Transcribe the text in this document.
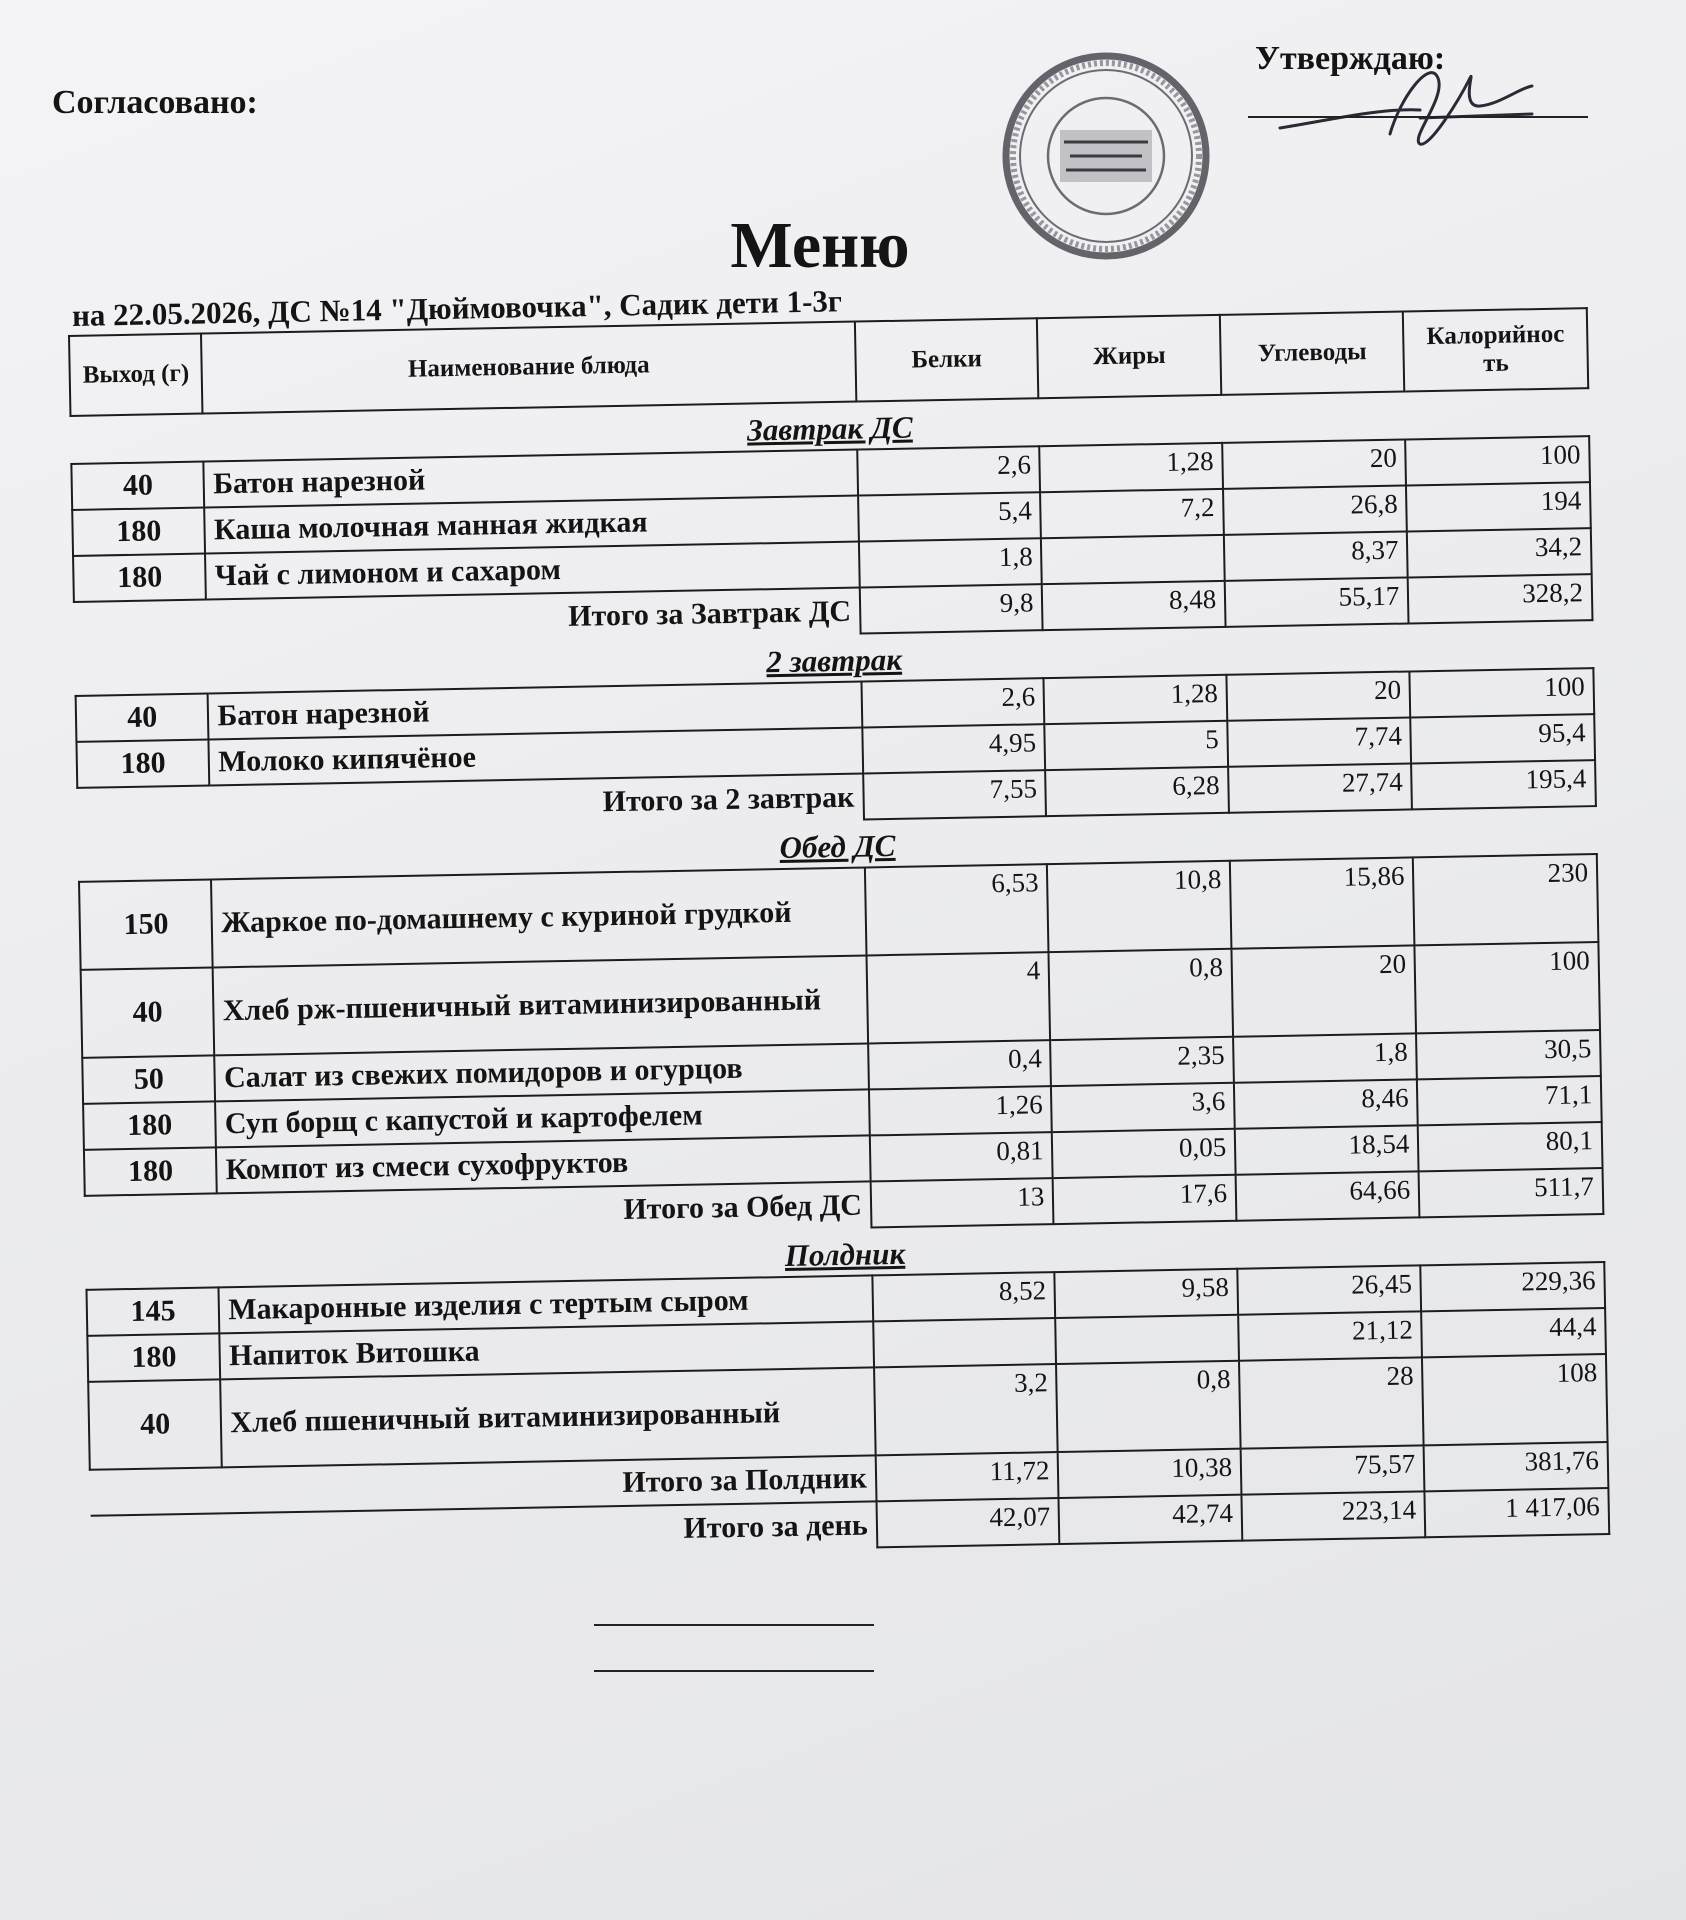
Согласовано:
Утверждаю:
Меню
на 22.05.2026, ДС №14 "Дюймовочка", Садик дети 1-3г
Выход (г)	Наименование блюда	Белки	Жиры	Углеводы	Калорийнос ть
Завтрак ДС					
40	Батон нарезной	2,6	1,28	20	100
180	Каша молочная манная жидкая	5,4	7,2	26,8	194
180	Чай с лимоном и сахаром	1,8		8,37	34,2
Итого за Завтрак ДС		9,8	8,48	55,17	328,2
2 завтрак					
40	Батон нарезной	2,6	1,28	20	100
180	Молоко кипячёное	4,95	5	7,74	95,4
Итого за 2 завтрак		7,55	6,28	27,74	195,4
Обед ДС					
150	Жаркое по-домашнему с куриной грудкой	6,53	10,8	15,86	230
40	Хлеб рж-пшеничный витаминизированный	4	0,8	20	100
50	Салат из свежих помидоров и огурцов	0,4	2,35	1,8	30,5
180	Суп борщ с капустой и картофелем	1,26	3,6	8,46	71,1
180	Компот из смеси сухофруктов	0,81	0,05	18,54	80,1
Итого за Обед ДС		13	17,6	64,66	511,7
Полдник					
145	Макаронные изделия с тертым сыром	8,52	9,58	26,45	229,36
180	Напиток Витошка			21,12	44,4
40	Хлеб пшеничный витаминизированный	3,2	0,8	28	108
Итого за Полдник		11,72	10,38	75,57	381,76
Итого за день		42,07	42,74	223,14	1 417,06
